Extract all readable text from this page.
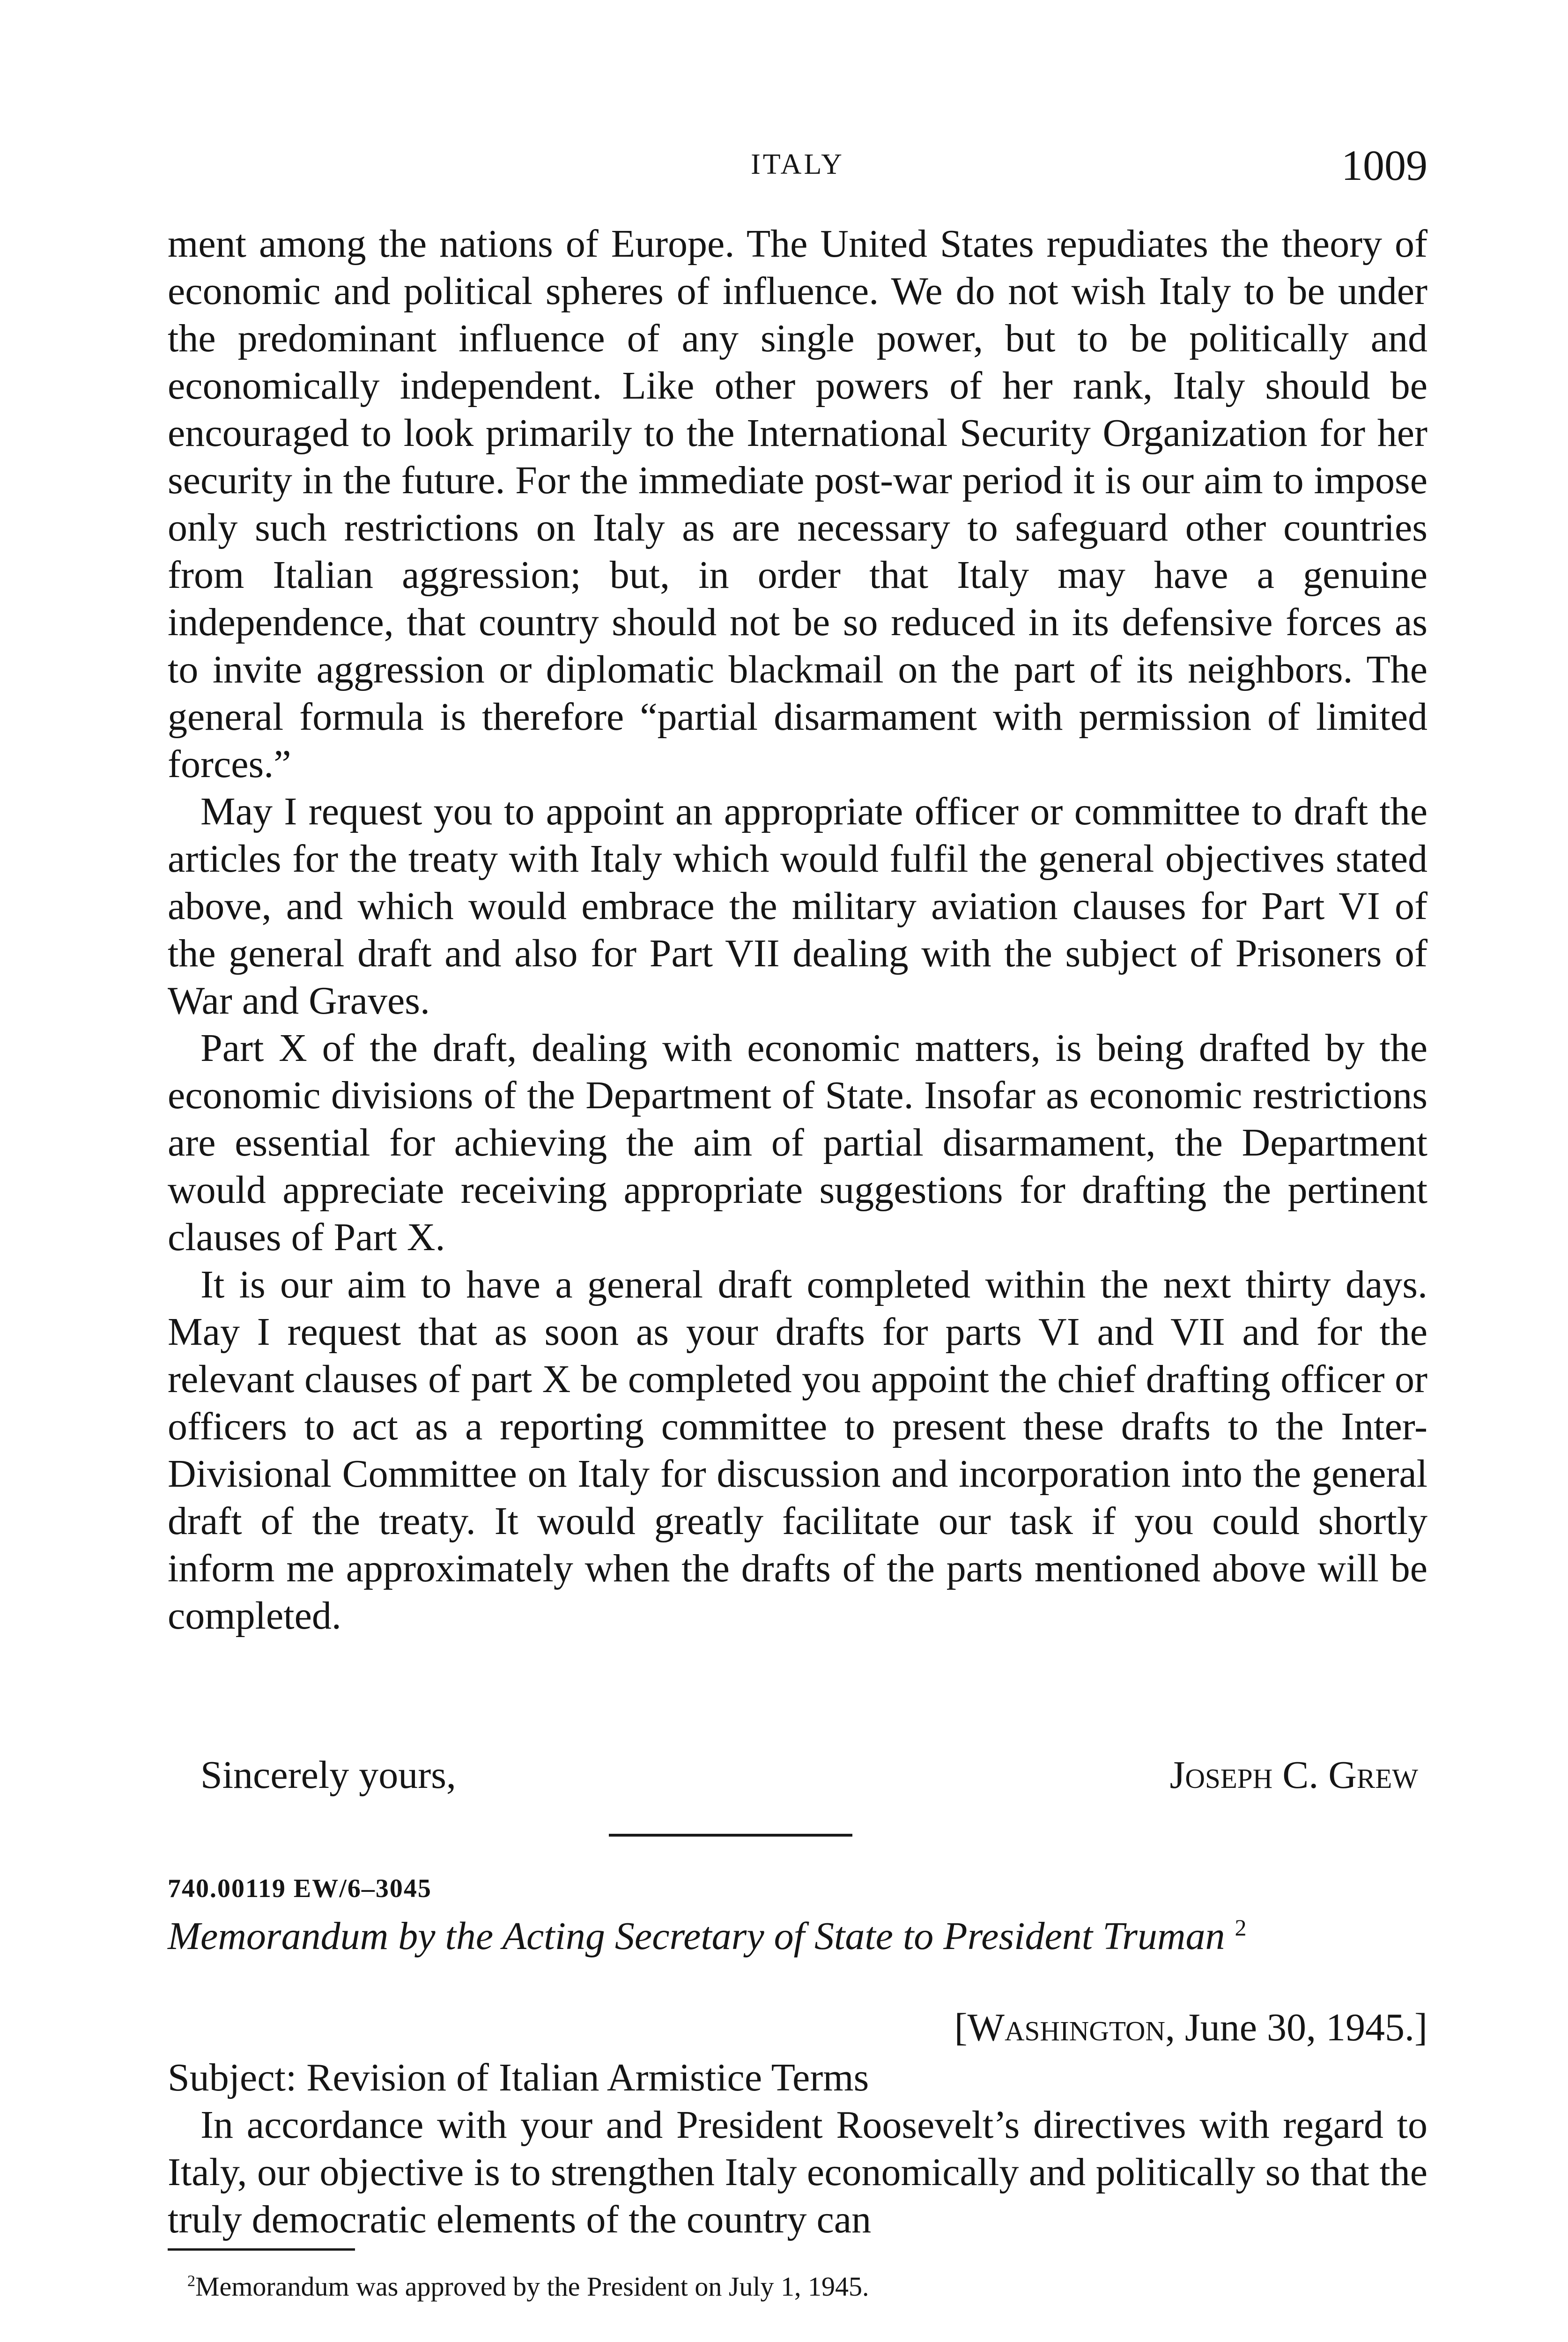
ITALY	1009

ment among the nations of Europe. The United States repudiates the theory of economic and political spheres of influence. We do not wish Italy to be under the predominant influence of any single power, but to be politically and economically independent. Like other powers of her rank, Italy should be encouraged to look primarily to the International Security Organization for her security in the future. For the immediate post-war period it is our aim to impose only such restrictions on Italy as are necessary to safeguard other countries from Italian aggression; but, in order that Italy may have a genuine independence, that country should not be so reduced in its defensive forces as to invite aggression or diplomatic blackmail on the part of its neighbors. The general formula is therefore “partial disarmament with permission of limited forces.”

May I request you to appoint an appropriate officer or committee to draft the articles for the treaty with Italy which would fulfil the general objectives stated above, and which would embrace the military aviation clauses for Part VI of the general draft and also for Part VII dealing with the subject of Prisoners of War and Graves.

Part X of the draft, dealing with economic matters, is being drafted by the economic divisions of the Department of State. Insofar as economic restrictions are essential for achieving the aim of partial disarmament, the Department would appreciate receiving appropriate suggestions for drafting the pertinent clauses of Part X.

It is our aim to have a general draft completed within the next thirty days. May I request that as soon as your drafts for parts VI and VII and for the relevant clauses of part X be completed you appoint the chief drafting officer or officers to act as a reporting committee to present these drafts to the Inter-Divisional Committee on Italy for discussion and incorporation into the general draft of the treaty. It would greatly facilitate our task if you could shortly inform me approximately when the drafts of the parts mentioned above will be completed.

Sincerely yours,	Joseph C. Grew
740.00119 EW/6–3045
Memorandum by the Acting Secretary of State to President Truman $^2$
[Washington, June 30, 1945.]

Subject: Revision of Italian Armistice Terms

In accordance with your and President Roosevelt’s directives with regard to Italy, our objective is to strengthen Italy economically and politically so that the truly democratic elements of the country can

$^2$Memorandum was approved by the President on July 1, 1945.
